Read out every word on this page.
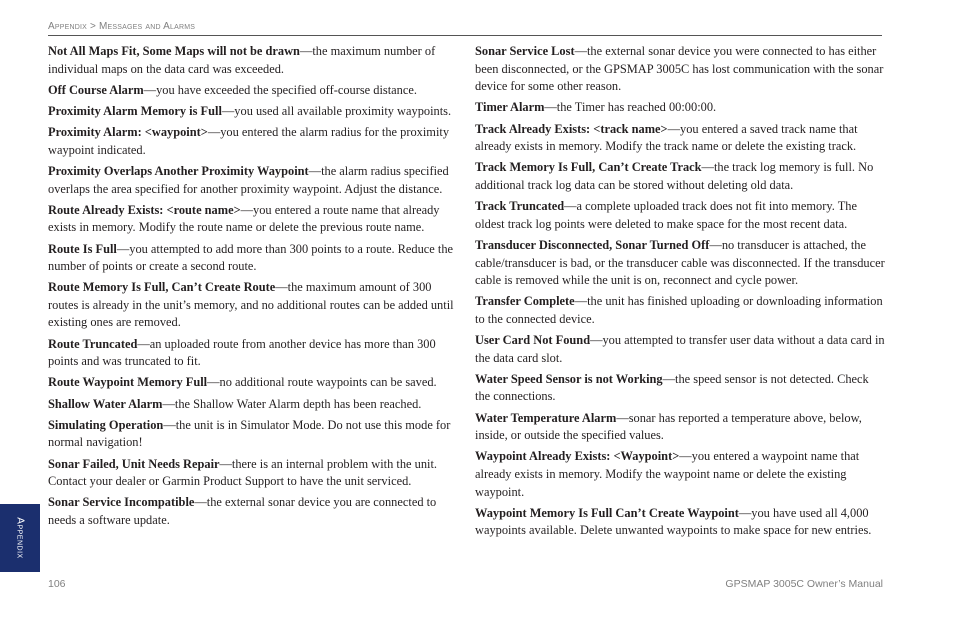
Appendix > Messages and Alarms

Not All Maps Fit, Some Maps will not be drawn—the maximum number of individual maps on the data card was exceeded.

Off Course Alarm—you have exceeded the specified off-course distance.

Proximity Alarm Memory is Full—you used all available proximity waypoints.

Proximity Alarm: <waypoint>—you entered the alarm radius for the proximity waypoint indicated.

Proximity Overlaps Another Proximity Waypoint—the alarm radius specified overlaps the area specified for another proximity waypoint. Adjust the distance.

Route Already Exists: <route name>—you entered a route name that already exists in memory. Modify the route name or delete the previous route name.

Route Is Full—you attempted to add more than 300 points to a route. Reduce the number of points or create a second route.

Route Memory Is Full, Can’t Create Route—the maximum amount of 300 routes is already in the unit’s memory, and no additional routes can be added until existing ones are removed.

Route Truncated—an uploaded route from another device has more than 300 points and was truncated to fit.

Route Waypoint Memory Full—no additional route waypoints can be saved.

Shallow Water Alarm—the Shallow Water Alarm depth has been reached.

Simulating Operation—the unit is in Simulator Mode. Do not use this mode for normal navigation!

Sonar Failed, Unit Needs Repair—there is an internal problem with the unit. Contact your dealer or Garmin Product Support to have the unit serviced.

Sonar Service Incompatible—the external sonar device you are connected to needs a software update.

Sonar Service Lost—the external sonar device you were connected to has either been disconnected, or the GPSMAP 3005C has lost communication with the sonar device for some other reason.

Timer Alarm—the Timer has reached 00:00:00.

Track Already Exists: <track name>—you entered a saved track name that already exists in memory. Modify the track name or delete the existing track.

Track Memory Is Full, Can’t Create Track—the track log memory is full. No additional track log data can be stored without deleting old data.

Track Truncated—a complete uploaded track does not fit into memory. The oldest track log points were deleted to make space for the most recent data.

Transducer Disconnected, Sonar Turned Off—no transducer is attached, the cable/transducer is bad, or the transducer cable was disconnected. If the transducer cable is removed while the unit is on, reconnect and cycle power.

Transfer Complete—the unit has finished uploading or downloading information to the connected device.

User Card Not Found—you attempted to transfer user data without a data card in the data card slot.

Water Speed Sensor is not Working—the speed sensor is not detected. Check the connections.

Water Temperature Alarm—sonar has reported a temperature above, below, inside, or outside the specified values.

Waypoint Already Exists: <Waypoint>—you entered a waypoint name that already exists in memory. Modify the waypoint name or delete the existing waypoint.

Waypoint Memory Is Full Can’t Create Waypoint—you have used all 4,000 waypoints available. Delete unwanted waypoints to make space for new entries.

Appendix
106	GPSMAP 3005C Owner’s Manual
